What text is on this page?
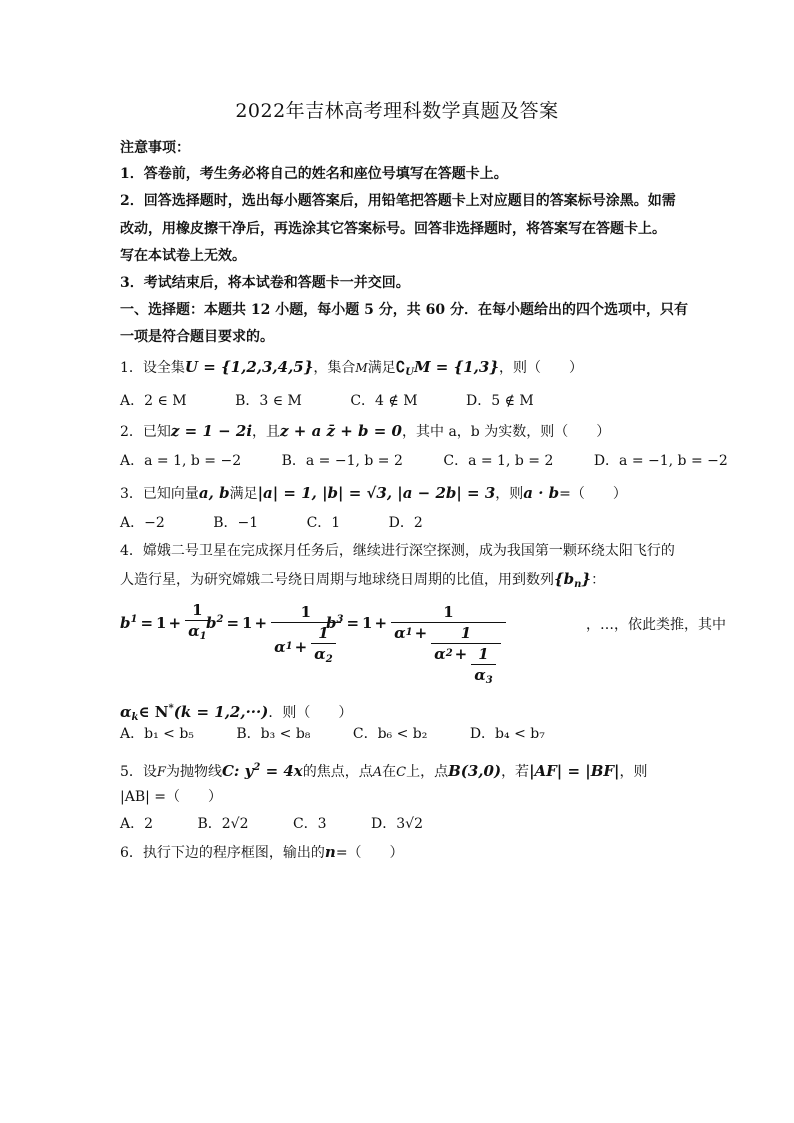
2022年吉林高考理科数学真题及答案
注意事项：
1．答卷前，考生务必将自己的姓名和座位号填写在答题卡上。
2．回答选择题时，选出每小题答案后，用铅笔把答题卡上对应题目的答案标号涂黑。如需
改动，用橡皮擦干净后，再选涂其它答案标号。回答非选择题时，将答案写在答题卡上。
写在本试卷上无效。
3．考试结束后，将本试卷和答题卡一并交回。
一、选择题：本题共 12 小题，每小题 5 分，共 60 分．在每小题给出的四个选项中，只有
一项是符合题目要求的。
1．设全集U = {1,2,3,4,5}，集合M满足$∁_UM = \{1,3\}$，则（　　）
A．2 ∈ M	B．3 ∈ M	C．4 ∉ M	D．5 ∉ M
2．已知z = 1 − 2i，且z + a z̄ + b = 0，其中 a，b 为实数，则（　　）
A．a = 1, b = −2	B．a = −1, b = 2	C．a = 1, b = 2	D．a = −1, b = −2
3．已知向量a, b满足|a| = 1, |b| = √3, |a − 2b| = 3，则a · b=（　　）
A．−2	B．−1	C．1	D．2
4．嫦娥二号卫星在完成探月任务后，继续进行深空探测，成为我国第一颗环绕太阳飞行的
人造行星，为研究嫦娥二号绕日周期与地球绕日周期的比值，用到数列$\{b_n\}$：
b $1 = 1 + \frac{1}{\alpha_1}$
b $2 = 1 + \frac{1}{\alpha 1 + \frac{1}{\alpha_2}}$
b 3 = 1 +
1
α 1 + 1
α $2 + \frac{1}{\alpha_3}$
，…，依此类推，其中
$\alpha_k\in$ N*(k = 1,2,···)．则（　　）
A．b₁ < b₅	B．b₃ < b₈	C．b₆ < b₂	D．b₄ < b₇
5．设F为抛物线C: $y^2 = 4x$的焦点，点A在C上，点B(3,0)，若|AF| = |BF|，则
|AB| =（　　）
A．2	B．2√2	C．3	D．3√2
6．执行下边的程序框图，输出的n=（　　）
